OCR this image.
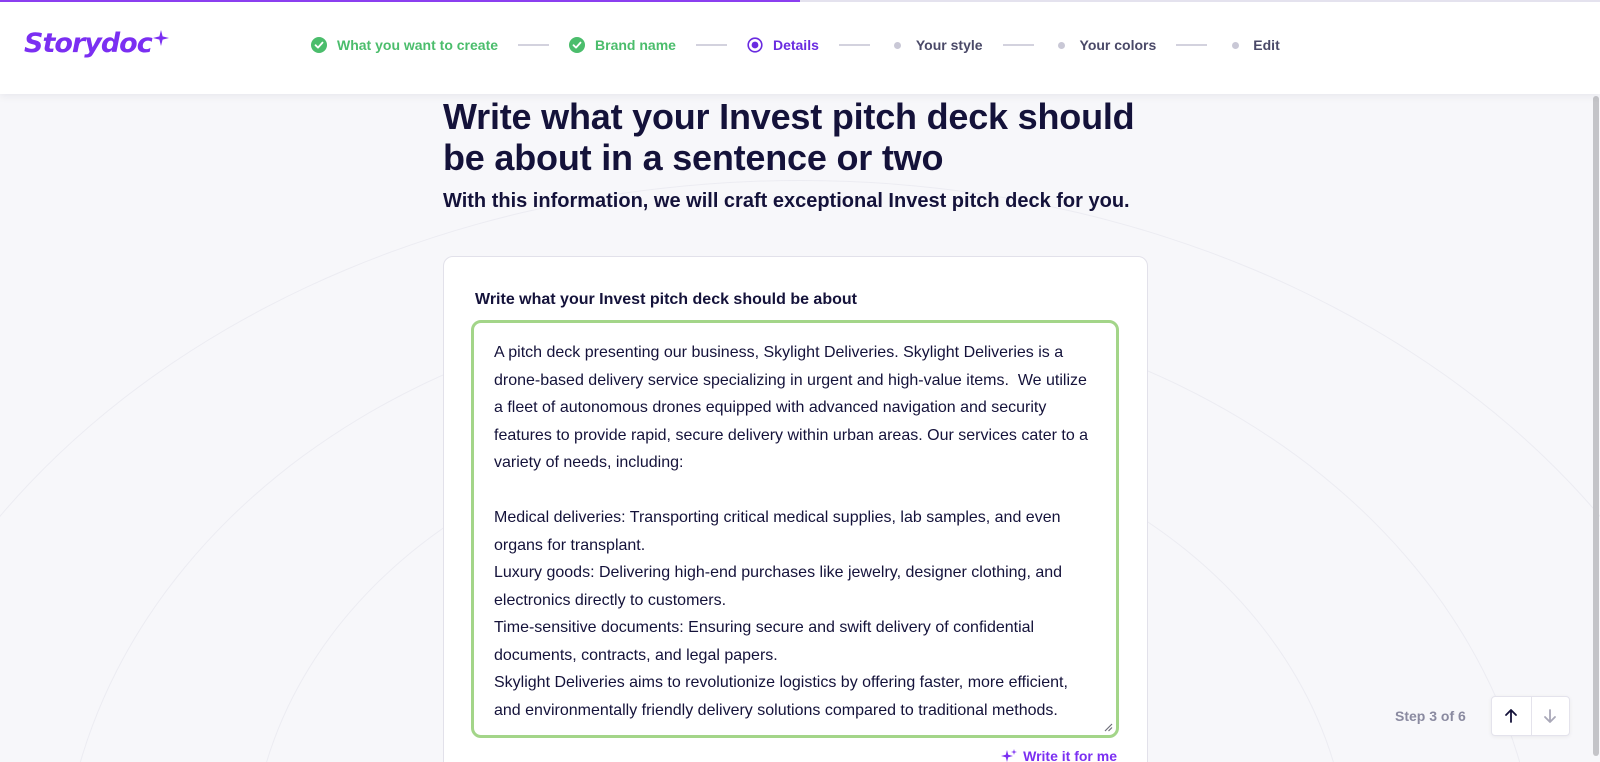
Storydoc	What you want to create	Brand name	Details	Your style	Your colors	Edit
Write what your Invest pitch deck should be about in a sentence or two

With this information, we will craft exceptional Invest pitch deck for you.

Write what your Invest pitch deck should be about
A pitch deck presenting our business, Skylight Deliveries. Skylight Deliveries is a drone-based delivery service specializing in urgent and high-value items.  We utilize a fleet of autonomous drones equipped with advanced navigation and security features to provide rapid, secure delivery within urban areas. Our services cater to a variety of needs, including:

Medical deliveries: Transporting critical medical supplies, lab samples, and even organs for transplant.
Luxury goods: Delivering high-end purchases like jewelry, designer clothing, and electronics directly to customers.
Time-sensitive documents: Ensuring secure and swift delivery of confidential documents, contracts, and legal papers.
Skylight Deliveries aims to revolutionize logistics by offering faster, more efficient, and environmentally friendly delivery solutions compared to traditional methods.
Write it for me
Step 3 of 6
